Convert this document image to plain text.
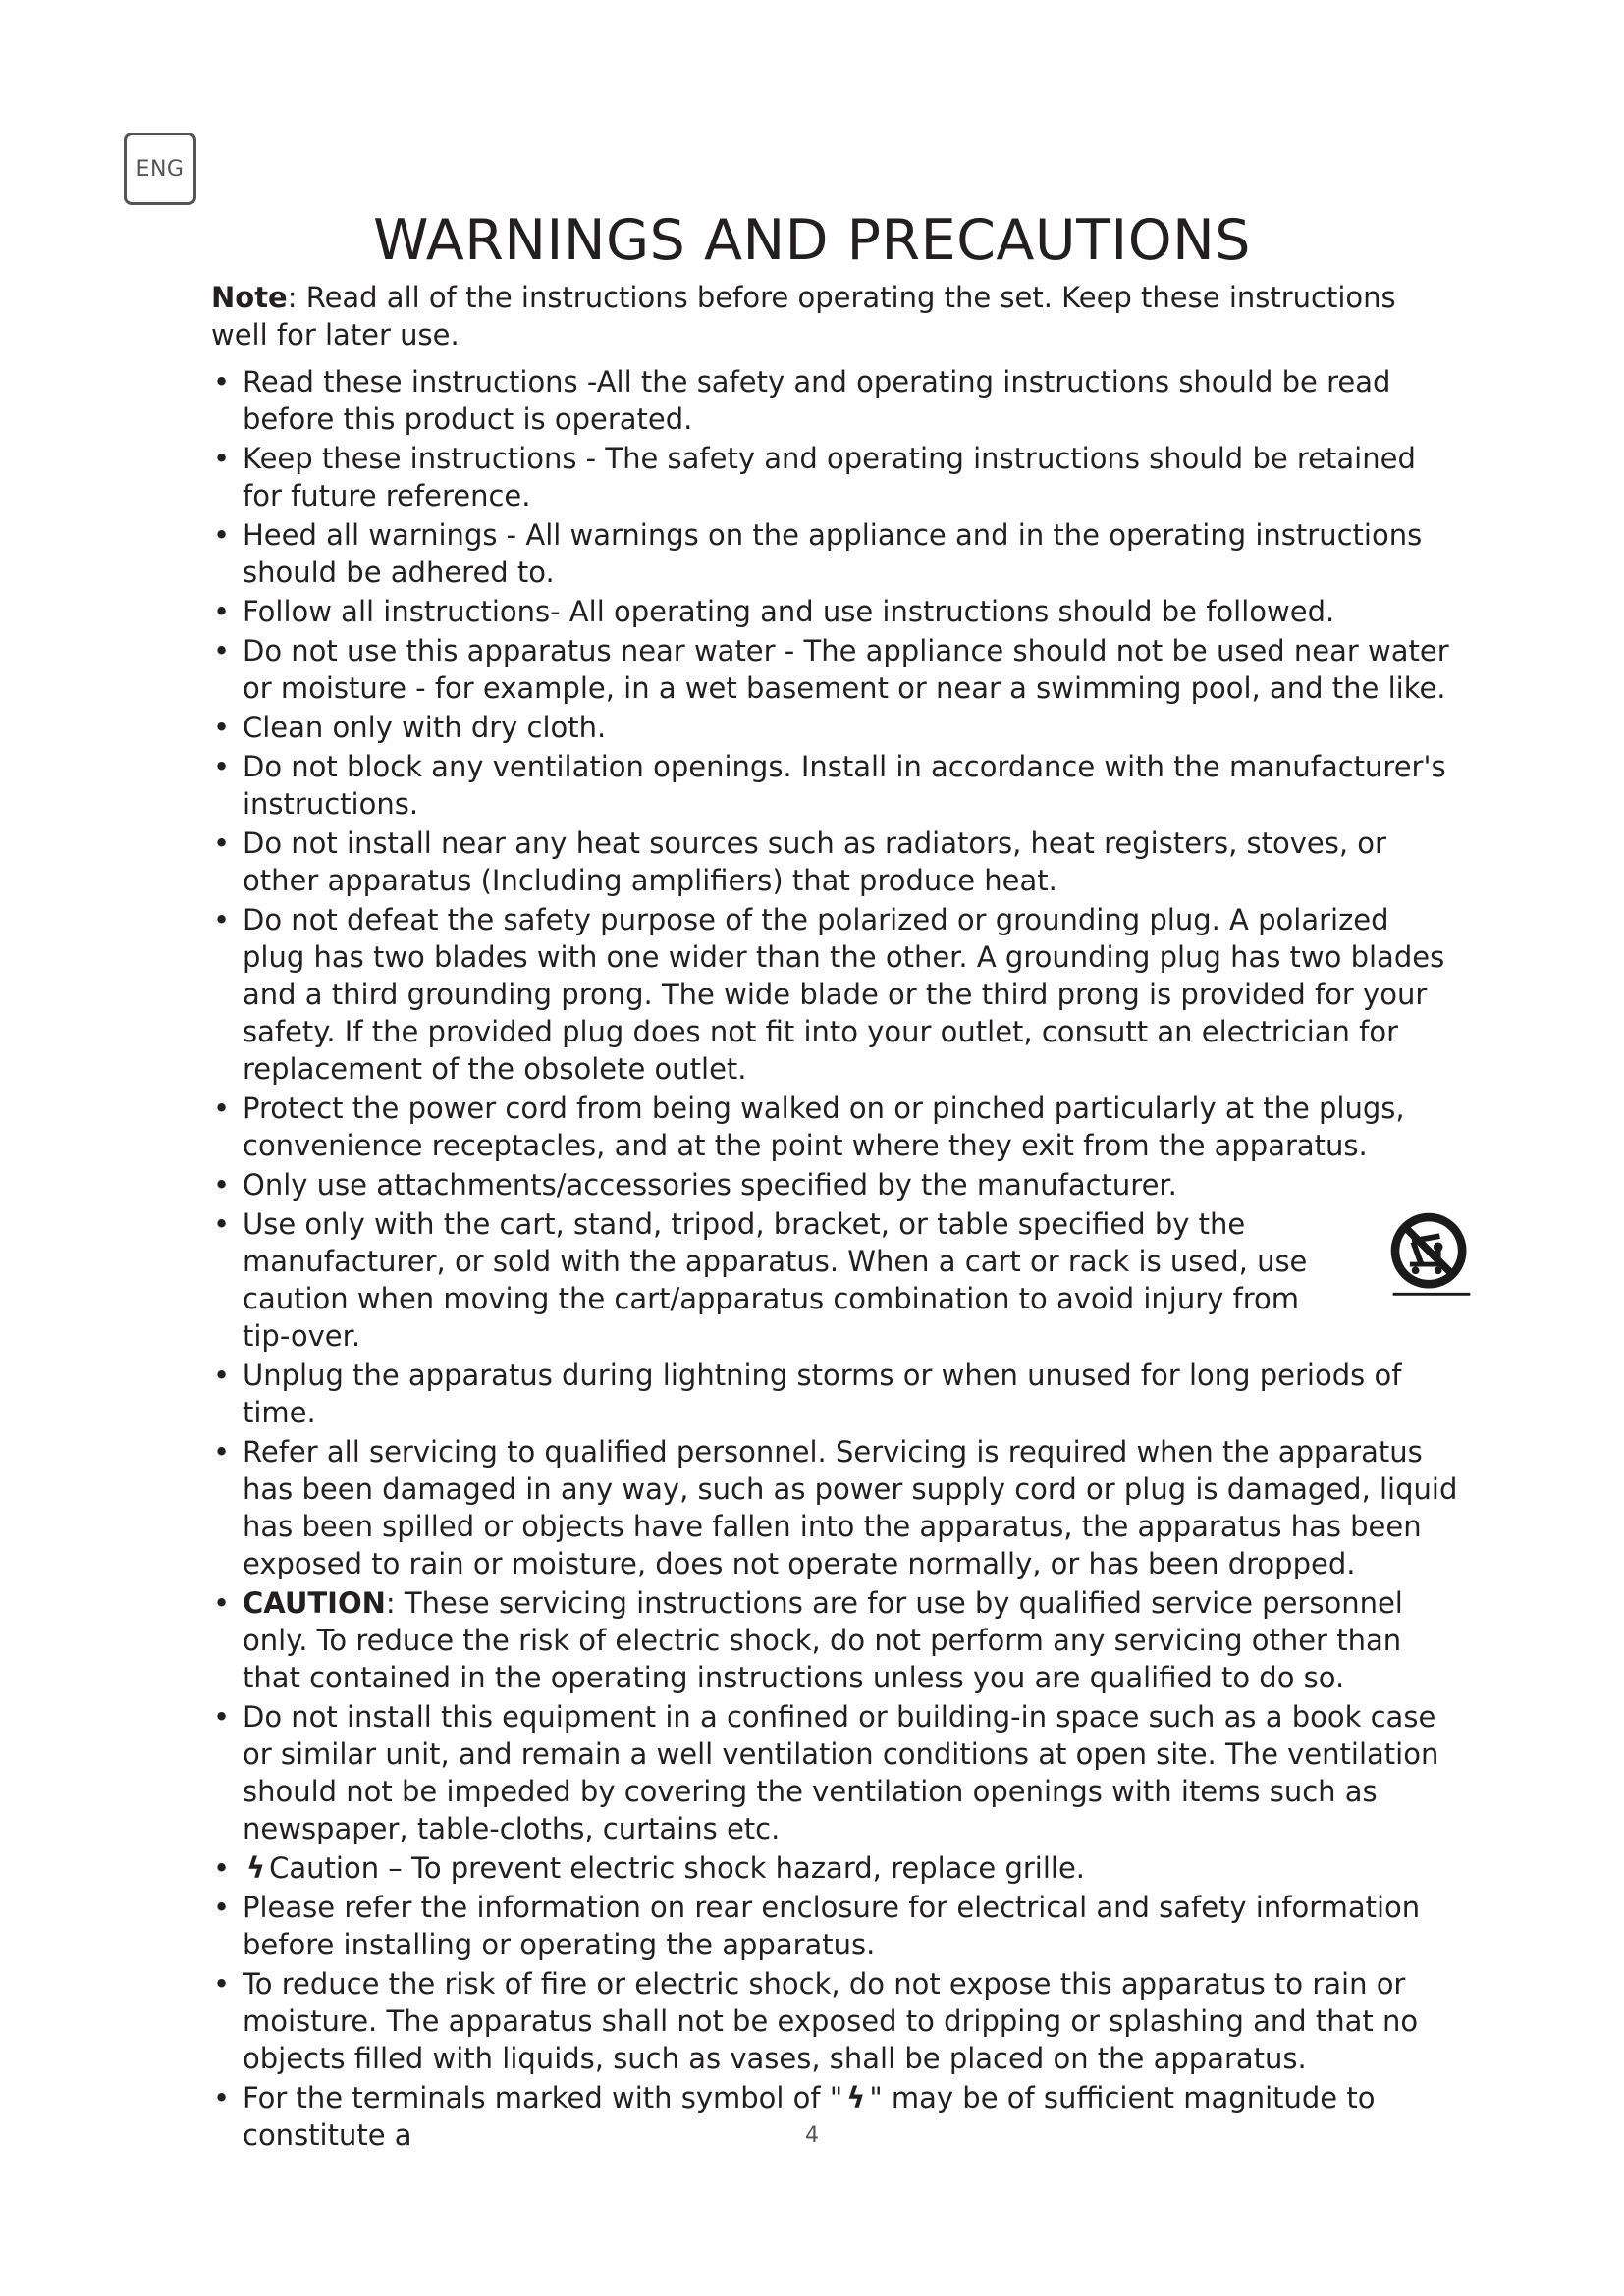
ENG
WARNINGS AND PRECAUTIONS

Note: Read all of the instructions before operating the set. Keep these instructions well for later use.

• Read these instructions -All the safety and operating instructions should be read before this product is operated.
• Keep these instructions - The safety and operating instructions should be retained for future reference.
• Heed all warnings - All warnings on the appliance and in the operating instructions should be adhered to.
• Follow all instructions- All operating and use instructions should be followed.
• Do not use this apparatus near water - The appliance should not be used near water or moisture - for example, in a wet basement or near a swimming pool, and the like.
• Clean only with dry cloth.
• Do not block any ventilation openings. Install in accordance with the manufacturer's instructions.
• Do not install near any heat sources such as radiators, heat registers, stoves, or other apparatus (Including amplifiers) that produce heat.
• Do not defeat the safety purpose of the polarized or grounding plug. A polarized plug has two blades with one wider than the other. A grounding plug has two blades and a third grounding prong. The wide blade or the third prong is provided for your safety. If the provided plug does not fit into your outlet, consutt an electrician for replacement of the obsolete outlet.
• Protect the power cord from being walked on or pinched particularly at the plugs, convenience receptacles, and at the point where they exit from the apparatus.
• Only use attachments/accessories specified by the manufacturer.
• Use only with the cart, stand, tripod, bracket, or table specified by the manufacturer, or sold with the apparatus. When a cart or rack is used, use caution when moving the cart/apparatus combination to avoid injury from tip-over.
• Unplug the apparatus during lightning storms or when unused for long periods of time.
• Refer all servicing to qualified personnel. Servicing is required when the apparatus has been damaged in any way, such as power supply cord or plug is damaged, liquid has been spilled or objects have fallen into the apparatus, the apparatus has been exposed to rain or moisture, does not operate normally, or has been dropped.
• CAUTION: These servicing instructions are for use by qualified service personnel only. To reduce the risk of electric shock, do not perform any servicing other than that contained in the operating instructions unless you are qualified to do so.
• Do not install this equipment in a confined or building-in space such as a book case or similar unit, and remain a well ventilation conditions at open site. The ventilation should not be impeded by covering the ventilation openings with items such as newspaper, table-cloths, curtains etc.
• ϟ Caution – To prevent electric shock hazard, replace grille.
• Please refer the information on rear enclosure for electrical and safety information before installing or operating the apparatus.
• To reduce the risk of fire or electric shock, do not expose this apparatus to rain or moisture. The apparatus shall not be exposed to dripping or splashing and that no objects filled with liquids, such as vases, shall be placed on the apparatus.
• For the terminals marked with symbol of " ϟ " may be of sufficient magnitude to constitute a	4
